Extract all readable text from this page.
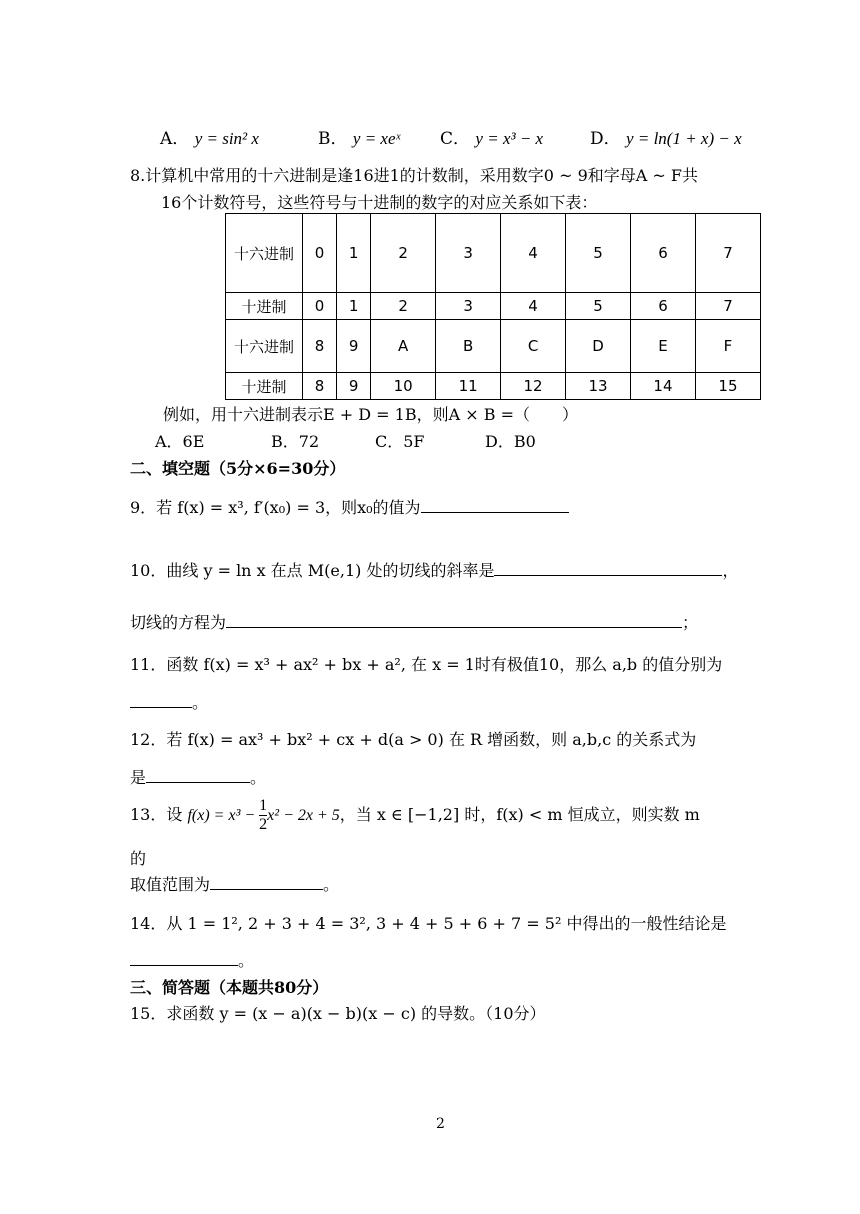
A． y = sin² x	B． y = xeˣ C． y = x³ − x	D． y = ln(1 + x) − x
8.计算机中常用的十六进制是逢16进1的计数制，采用数字0 ~ 9和字母A ~ F共
16个计数符号，这些符号与十进制的数字的对应关系如下表：
十六进制	0	1	2	3	4	5	6	7
十进制	0	1	2	3	4	5	6	7
十六进制	8	9	A	B	C	D	E	F
十进制	8	9	10	11	12	13	14	15
例如，用十六进制表示E + D = 1B，则A × B =（　　）
A．6E	B．72	C．5F	D．B0
二、填空题（5分×6=30分）
9．若 f(x) = x³, f′(x₀) = 3，则x₀的值为
10．曲线 y = ln x 在点 M(e,1) 处的切线的斜率是	，
切线的方程为	；
11．函数 f(x) = x³ + ax² + bx + a², 在 x = 1时有极值10，那么 a,b 的值分别为
。
12．若 f(x) = ax³ + bx² + cx + d(a > 0) 在 R 增函数，则 a,b,c 的关系式为
是	。
13．设 $f(x) = x^3 - \frac{1}{2} x^2 - 2x + 5$，当 x ∈ [−1,2] 时，f(x) < m 恒成立，则实数 m
的
取值范围为	。
14．从 1 = 1², 2 + 3 + 4 = 3², 3 + 4 + 5 + 6 + 7 = 5² 中得出的一般性结论是
。
三、简答题（本题共80分）
15．求函数 y = (x − a)(x − b)(x − c) 的导数。（10分）
2
